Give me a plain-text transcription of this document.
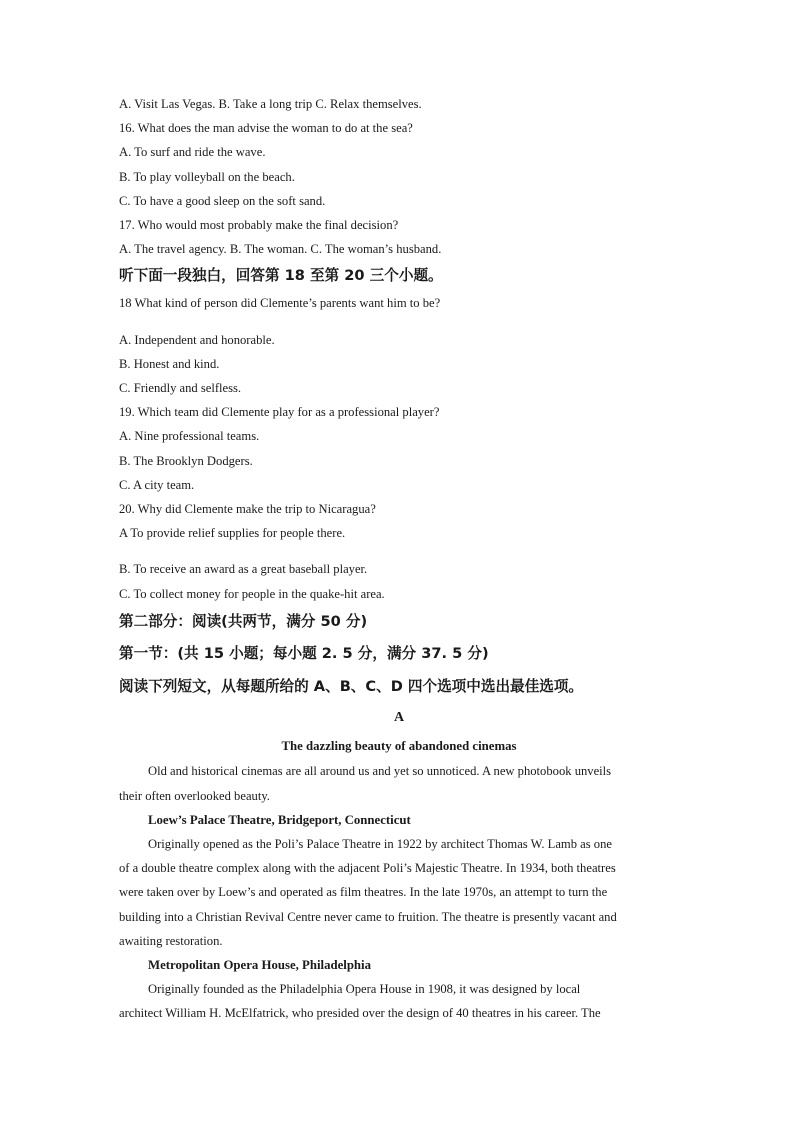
A. Visit Las Vegas. B. Take a long trip C. Relax themselves.
16. What does the man advise the woman to do at the sea?
A. To surf and ride the wave.
B. To play volleyball on the beach.
C. To have a good sleep on the soft sand.
17. Who would most probably make the final decision?
A. The travel agency. B. The woman. C. The woman’s husband.
听下面一段独白，回答第 18 至第 20 三个小题。
18 What kind of person did Clemente’s parents want him to be?
A. Independent and honorable.
B. Honest and kind.
C. Friendly and selfless.
19. Which team did Clemente play for as a professional player?
A. Nine professional teams.
B. The Brooklyn Dodgers.
C. A city team.
20. Why did Clemente make the trip to Nicaragua?
A To provide relief supplies for people there.
B. To receive an award as a great baseball player.
C. To collect money for people in the quake-hit area.
第二部分：阅读(共两节，满分 50 分)
第一节：(共 15 小题；每小题 2. 5 分，满分 37. 5 分)
阅读下列短文，从每题所给的 A、B、C、D 四个选项中选出最佳选项。
A
The dazzling beauty of abandoned cinemas
Old and historical cinemas are all around us and yet so unnoticed. A new photobook unveils
their often overlooked beauty.
Loew’s Palace Theatre, Bridgeport, Connecticut
Originally opened as the Poli’s Palace Theatre in 1922 by architect Thomas W. Lamb as one
of a double theatre complex along with the adjacent Poli’s Majestic Theatre. In 1934, both theatres
were taken over by Loew’s and operated as film theatres. In the late 1970s, an attempt to turn the
building into a Christian Revival Centre never came to fruition. The theatre is presently vacant and
awaiting restoration.
Metropolitan Opera House, Philadelphia
Originally founded as the Philadelphia Opera House in 1908, it was designed by local
architect William H. McElfatrick, who presided over the design of 40 theatres in his career. The
